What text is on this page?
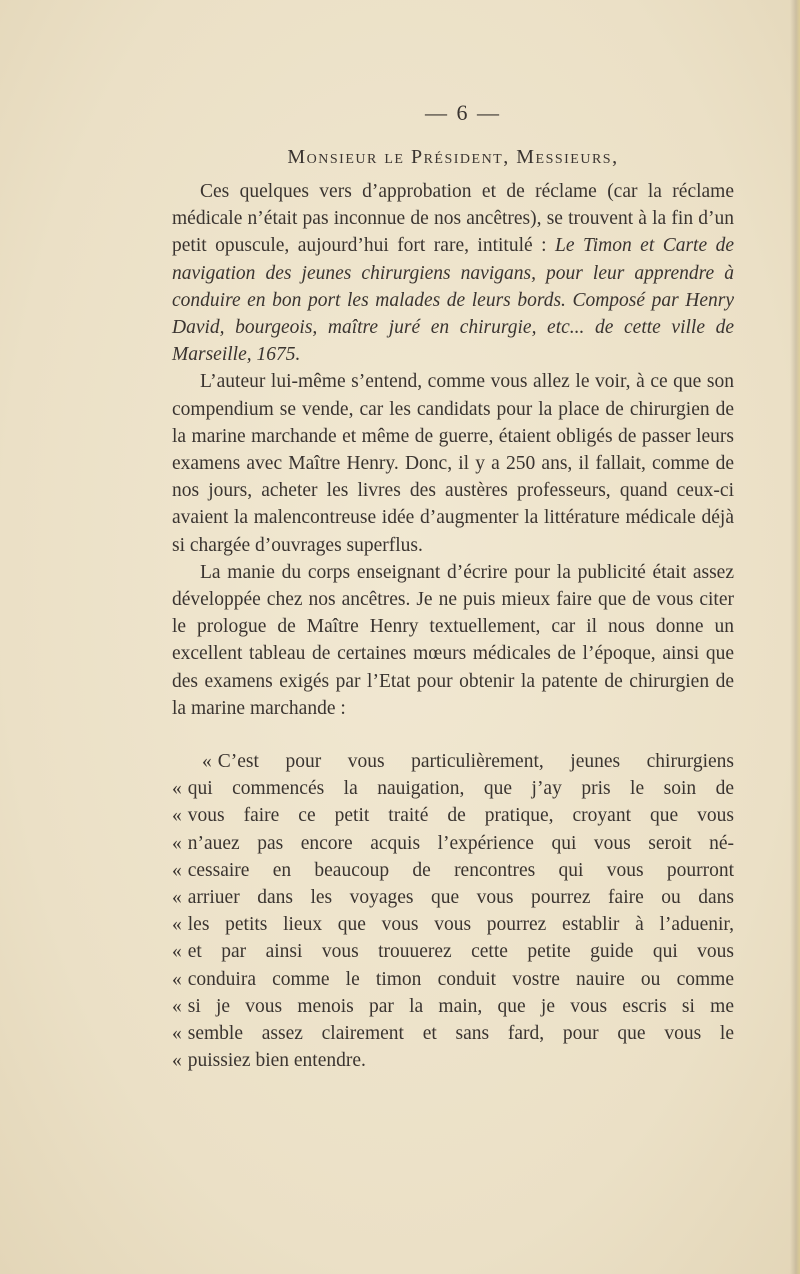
— 6 —

Monsieur le Président, Messieurs,

Ces quelques vers d’approbation et de réclame (car la réclame médicale n’était pas inconnue de nos ancêtres), se trouvent à la fin d’un petit opuscule, aujourd’hui fort rare, intitulé : Le Timon et Carte de navigation des jeunes chirurgiens navigans, pour leur apprendre à conduire en bon port les malades de leurs bords. Composé par Henry David, bourgeois, maître juré en chirurgie, etc... de cette ville de Marseille, 1675.

L’auteur lui-même s’entend, comme vous allez le voir, à ce que son compendium se vende, car les candidats pour la place de chirurgien de la marine marchande et même de guerre, étaient obligés de passer leurs examens avec Maître Henry. Donc, il y a 250 ans, il fallait, comme de nos jours, acheter les livres des austères professeurs, quand ceux-ci avaient la malencontreuse idée d’augmenter la littérature médicale déjà si chargée d’ouvrages superflus.

La manie du corps enseignant d’écrire pour la publicité était assez développée chez nos ancêtres. Je ne puis mieux faire que de vous citer le prologue de Maître Henry textuellement, car il nous donne un excellent tableau de certaines mœurs médicales de l’époque, ainsi que des examens exigés par l’Etat pour obtenir la patente de chirurgien de la marine marchande :

« C’est pour vous particulièrement, jeunes chirurgiens
« qui commencés la nauigation, que j’ay pris le soin de
« vous faire ce petit traité de pratique, croyant que vous
« n’auez pas encore acquis l’expérience qui vous seroit né-
« cessaire en beaucoup de rencontres qui vous pourront
« arriuer dans les voyages que vous pourrez faire ou dans
« les petits lieux que vous vous pourrez establir à l’aduenir,
« et par ainsi vous trouuerez cette petite guide qui vous
« conduira comme le timon conduit vostre nauire ou comme
« si je vous menois par la main, que je vous escris si me
« semble assez clairement et sans fard, pour que vous le
« puissiez bien entendre.
